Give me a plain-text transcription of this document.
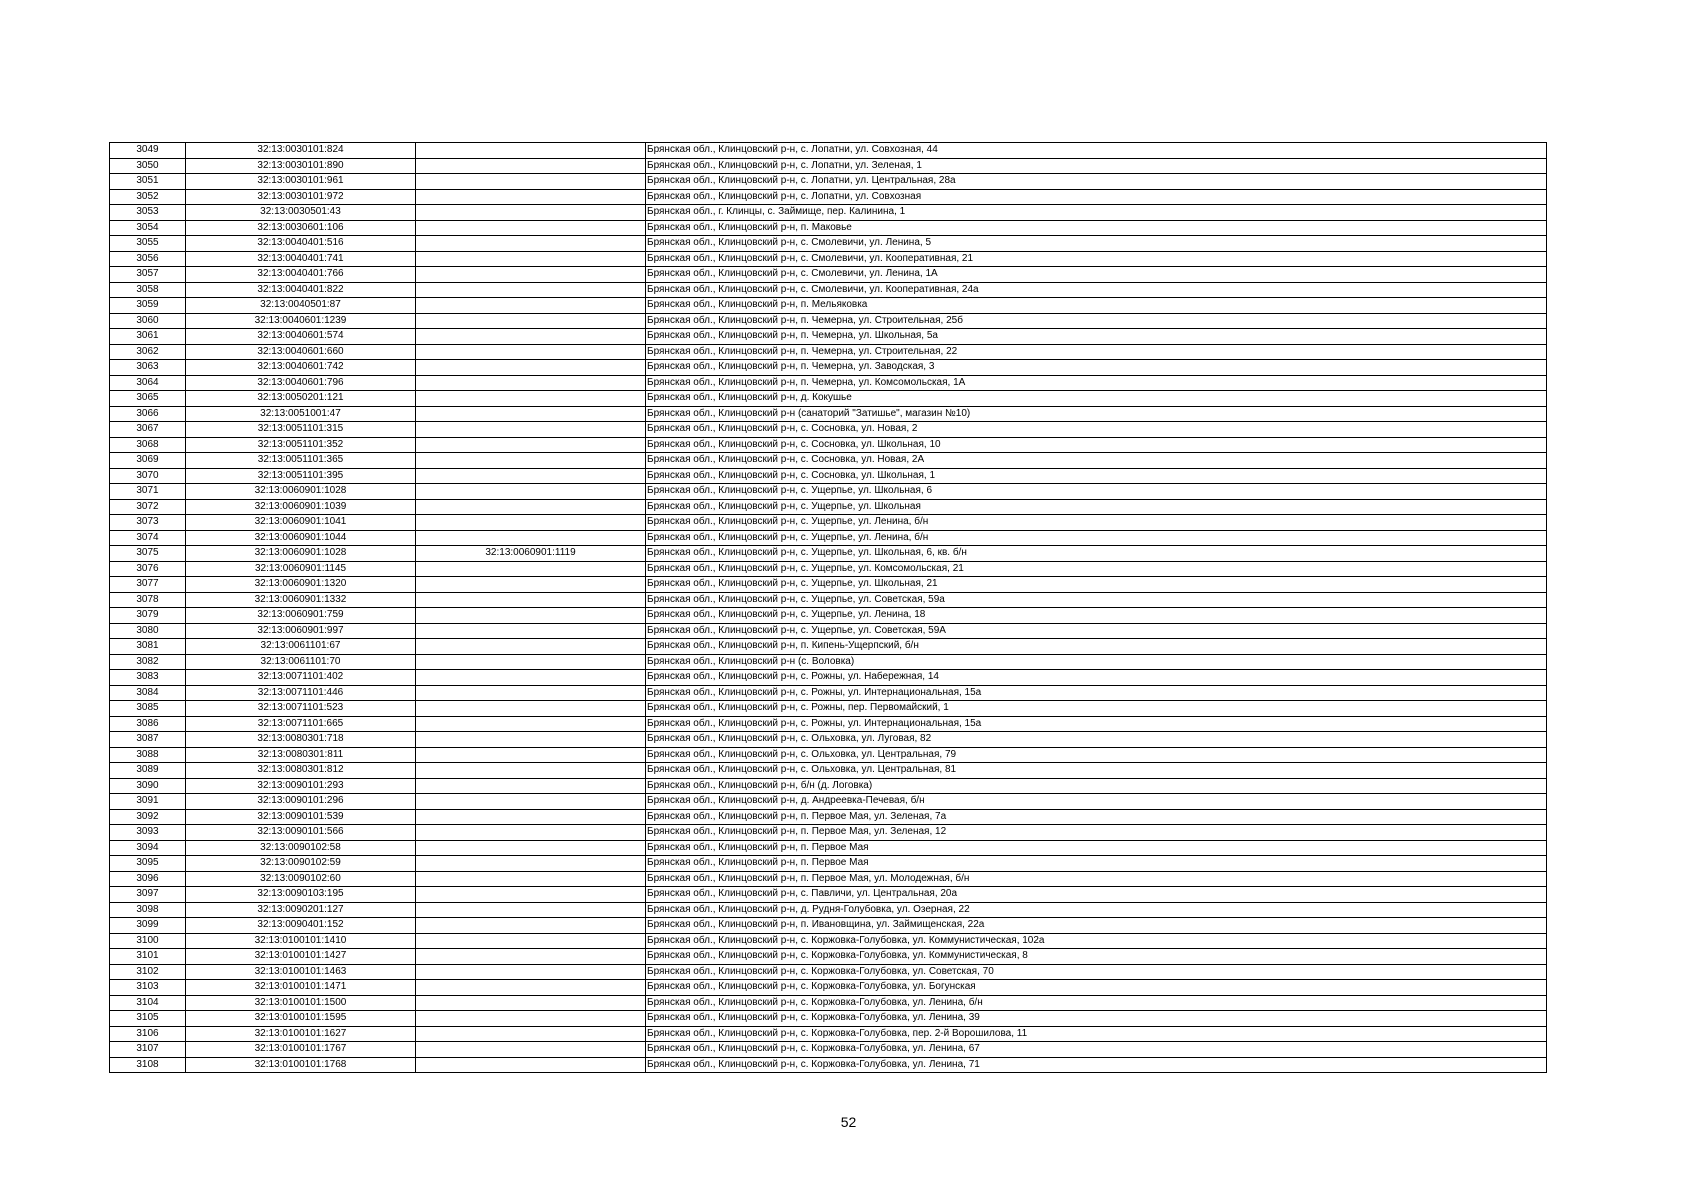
3049	32:13:0030101:824		Брянская обл., Клинцовский р-н, с. Лопатни, ул. Совхозная, 44
3050	32:13:0030101:890		Брянская обл., Клинцовский р-н, с. Лопатни, ул. Зеленая, 1
3051	32:13:0030101:961		Брянская обл., Клинцовский р-н, с. Лопатни, ул. Центральная, 28а
3052	32:13:0030101:972		Брянская обл., Клинцовский р-н, с. Лопатни, ул. Совхозная
3053	32:13:0030501:43		Брянская обл., г. Клинцы, с. Займище, пер. Калинина, 1
3054	32:13:0030601:106		Брянская обл., Клинцовский р-н, п. Маковье
3055	32:13:0040401:516		Брянская обл., Клинцовский р-н, с. Смолевичи, ул. Ленина, 5
3056	32:13:0040401:741		Брянская обл., Клинцовский р-н, с. Смолевичи, ул. Кооперативная, 21
3057	32:13:0040401:766		Брянская обл., Клинцовский р-н, с. Смолевичи, ул. Ленина, 1А
3058	32:13:0040401:822		Брянская обл., Клинцовский р-н, с. Смолевичи, ул. Кооперативная, 24а
3059	32:13:0040501:87		Брянская обл., Клинцовский р-н, п. Мельяковка
3060	32:13:0040601:1239		Брянская обл., Клинцовский р-н, п. Чемерна, ул. Строительная, 25б
3061	32:13:0040601:574		Брянская обл., Клинцовский р-н, п. Чемерна, ул. Школьная, 5а
3062	32:13:0040601:660		Брянская обл., Клинцовский р-н, п. Чемерна, ул. Строительная, 22
3063	32:13:0040601:742		Брянская обл., Клинцовский р-н, п. Чемерна, ул. Заводская, 3
3064	32:13:0040601:796		Брянская обл., Клинцовский р-н, п. Чемерна, ул. Комсомольская, 1А
3065	32:13:0050201:121		Брянская обл., Клинцовский р-н, д. Кокушье
3066	32:13:0051001:47		Брянская обл., Клинцовский р-н (санаторий "Затишье", магазин №10)
3067	32:13:0051101:315		Брянская обл., Клинцовский р-н, с. Сосновка, ул. Новая, 2
3068	32:13:0051101:352		Брянская обл., Клинцовский р-н, с. Сосновка, ул. Школьная, 10
3069	32:13:0051101:365		Брянская обл., Клинцовский р-н, с. Сосновка, ул. Новая, 2А
3070	32:13:0051101:395		Брянская обл., Клинцовский р-н, с. Сосновка, ул. Школьная, 1
3071	32:13:0060901:1028		Брянская обл., Клинцовский р-н, с. Ущерпье, ул. Школьная, 6
3072	32:13:0060901:1039		Брянская обл., Клинцовский р-н, с. Ущерпье, ул. Школьная
3073	32:13:0060901:1041		Брянская обл., Клинцовский р-н, с. Ущерпье, ул. Ленина, б/н
3074	32:13:0060901:1044		Брянская обл., Клинцовский р-н, с. Ущерпье, ул. Ленина, б/н
3075	32:13:0060901:1028	32:13:0060901:1119	Брянская обл., Клинцовский р-н, с. Ущерпье, ул. Школьная, 6, кв. б/н
3076	32:13:0060901:1145		Брянская обл., Клинцовский р-н, с. Ущерпье, ул. Комсомольская, 21
3077	32:13:0060901:1320		Брянская обл., Клинцовский р-н, с. Ущерпье, ул. Школьная, 21
3078	32:13:0060901:1332		Брянская обл., Клинцовский р-н, с. Ущерпье, ул. Советская, 59а
3079	32:13:0060901:759		Брянская обл., Клинцовский р-н, с. Ущерпье, ул. Ленина, 18
3080	32:13:0060901:997		Брянская обл., Клинцовский р-н, с. Ущерпье, ул. Советская, 59А
3081	32:13:0061101:67		Брянская обл., Клинцовский р-н, п. Кипень-Ущерпский, б/н
3082	32:13:0061101:70		Брянская обл., Клинцовский р-н (с. Воловка)
3083	32:13:0071101:402		Брянская обл., Клинцовский р-н, с. Рожны, ул. Набережная, 14
3084	32:13:0071101:446		Брянская обл., Клинцовский р-н, с. Рожны, ул. Интернациональная, 15а
3085	32:13:0071101:523		Брянская обл., Клинцовский р-н, с. Рожны, пер. Первомайский, 1
3086	32:13:0071101:665		Брянская обл., Клинцовский р-н, с. Рожны, ул. Интернациональная, 15а
3087	32:13:0080301:718		Брянская обл., Клинцовский р-н, с. Ольховка, ул. Луговая, 82
3088	32:13:0080301:811		Брянская обл., Клинцовский р-н, с. Ольховка, ул. Центральная, 79
3089	32:13:0080301:812		Брянская обл., Клинцовский р-н, с. Ольховка, ул. Центральная, 81
3090	32:13:0090101:293		Брянская обл., Клинцовский р-н, б/н (д. Логовка)
3091	32:13:0090101:296		Брянская обл., Клинцовский р-н, д. Андреевка-Печевая, б/н
3092	32:13:0090101:539		Брянская обл., Клинцовский р-н, п. Первое Мая, ул. Зеленая, 7а
3093	32:13:0090101:566		Брянская обл., Клинцовский р-н, п. Первое Мая, ул. Зеленая, 12
3094	32:13:0090102:58		Брянская обл., Клинцовский р-н, п. Первое Мая
3095	32:13:0090102:59		Брянская обл., Клинцовский р-н, п. Первое Мая
3096	32:13:0090102:60		Брянская обл., Клинцовский р-н, п. Первое Мая, ул. Молодежная, б/н
3097	32:13:0090103:195		Брянская обл., Клинцовский р-н, с. Павличи, ул. Центральная, 20а
3098	32:13:0090201:127		Брянская обл., Клинцовский р-н, д. Рудня-Голубовка, ул. Озерная, 22
3099	32:13:0090401:152		Брянская обл., Клинцовский р-н, п. Ивановщина, ул. Займищенская, 22а
3100	32:13:0100101:1410		Брянская обл., Клинцовский р-н, с. Коржовка-Голубовка, ул. Коммунистическая, 102а
3101	32:13:0100101:1427		Брянская обл., Клинцовский р-н, с. Коржовка-Голубовка, ул. Коммунистическая, 8
3102	32:13:0100101:1463		Брянская обл., Клинцовский р-н, с. Коржовка-Голубовка, ул. Советская, 70
3103	32:13:0100101:1471		Брянская обл., Клинцовский р-н, с. Коржовка-Голубовка, ул. Богунская
3104	32:13:0100101:1500		Брянская обл., Клинцовский р-н, с. Коржовка-Голубовка, ул. Ленина, б/н
3105	32:13:0100101:1595		Брянская обл., Клинцовский р-н, с. Коржовка-Голубовка, ул. Ленина, 39
3106	32:13:0100101:1627		Брянская обл., Клинцовский р-н, с. Коржовка-Голубовка, пер. 2-й Ворошилова, 11
3107	32:13:0100101:1767		Брянская обл., Клинцовский р-н, с. Коржовка-Голубовка, ул. Ленина, 67
3108	32:13:0100101:1768		Брянская обл., Клинцовский р-н, с. Коржовка-Голубовка, ул. Ленина, 71
52
